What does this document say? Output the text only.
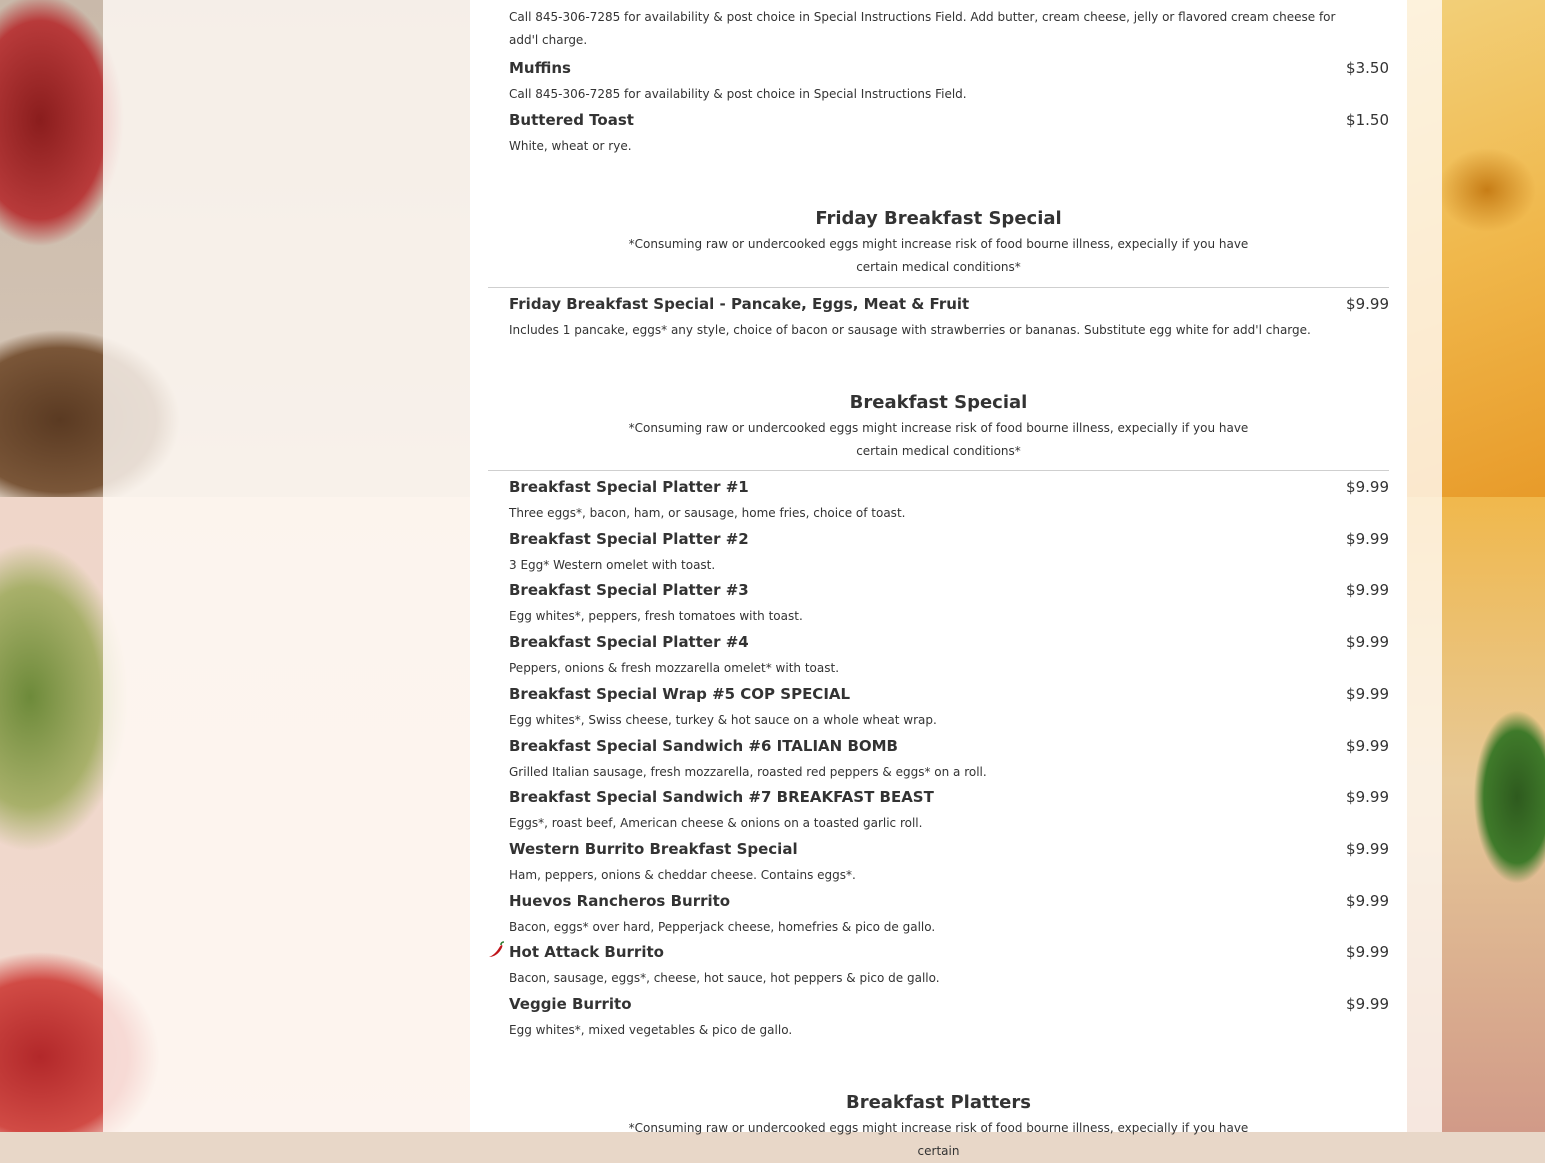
Call 845-306-7285 for availability & post choice in Special Instructions Field. Add butter, cream cheese, jelly or flavored cream cheese for add'l charge.
Muffins	$3.50
Call 845-306-7285 for availability & post choice in Special Instructions Field.
Buttered Toast	$1.50
White, wheat or rye.
Friday Breakfast Special
*Consuming raw or undercooked eggs might increase risk of food bourne illness, expecially if you have certain medical conditions*
Friday Breakfast Special - Pancake, Eggs, Meat & Fruit	$9.99
Includes 1 pancake, eggs* any style, choice of bacon or sausage with strawberries or bananas. Substitute egg white for add'l charge.
Breakfast Special
*Consuming raw or undercooked eggs might increase risk of food bourne illness, expecially if you have certain medical conditions*
Breakfast Special Platter #1	$9.99
Three eggs*, bacon, ham, or sausage, home fries, choice of toast.
Breakfast Special Platter #2	$9.99
3 Egg* Western omelet with toast.
Breakfast Special Platter #3	$9.99
Egg whites*, peppers, fresh tomatoes with toast.
Breakfast Special Platter #4	$9.99
Peppers, onions & fresh mozzarella omelet* with toast.
Breakfast Special Wrap #5 COP SPECIAL	$9.99
Egg whites*, Swiss cheese, turkey & hot sauce on a whole wheat wrap.
Breakfast Special Sandwich #6 ITALIAN BOMB	$9.99
Grilled Italian sausage, fresh mozzarella, roasted red peppers & eggs* on a roll.
Breakfast Special Sandwich #7 BREAKFAST BEAST	$9.99
Eggs*, roast beef, American cheese & onions on a toasted garlic roll.
Western Burrito Breakfast Special	$9.99
Ham, peppers, onions & cheddar cheese. Contains eggs*.
Huevos Rancheros Burrito	$9.99
Bacon, eggs* over hard, Pepperjack cheese, homefries & pico de gallo.
Hot Attack Burrito	$9.99
Bacon, sausage, eggs*, cheese, hot sauce, hot peppers & pico de gallo.
Veggie Burrito	$9.99
Egg whites*, mixed vegetables & pico de gallo.
Breakfast Platters
*Consuming raw or undercooked eggs might increase risk of food bourne illness, expecially if you have certain
